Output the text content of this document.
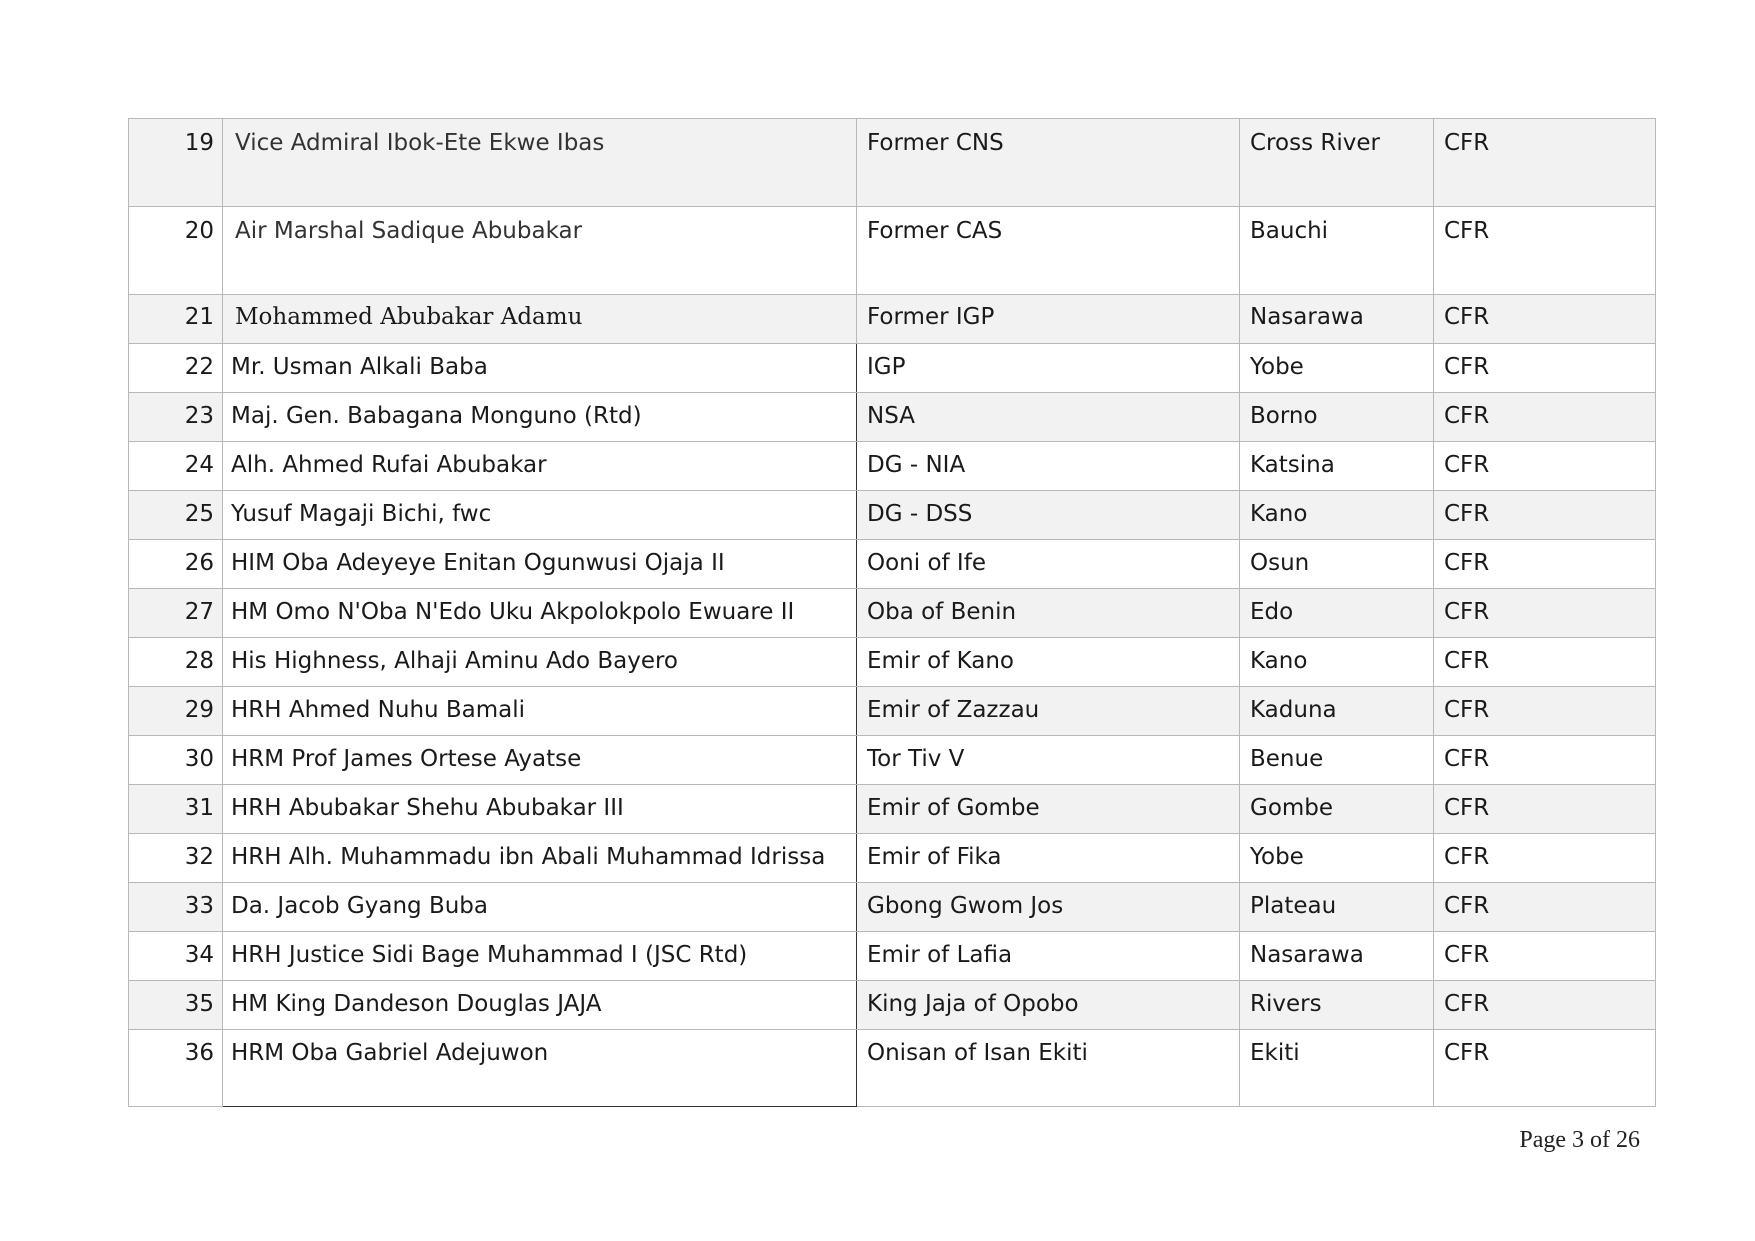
19	Vice Admiral Ibok-Ete Ekwe Ibas	Former CNS	Cross River	CFR
20	Air Marshal Sadique Abubakar	Former CAS	Bauchi	CFR
21	Mohammed Abubakar Adamu	Former IGP	Nasarawa	CFR
22	Mr. Usman Alkali Baba	IGP	Yobe	CFR
23	Maj. Gen. Babagana Monguno (Rtd)	NSA	Borno	CFR
24	Alh. Ahmed Rufai Abubakar	DG - NIA	Katsina	CFR
25	Yusuf Magaji Bichi, fwc	DG - DSS	Kano	CFR
26	HIM Oba Adeyeye Enitan Ogunwusi Ojaja II	Ooni of Ife	Osun	CFR
27	HM Omo N'Oba N'Edo Uku Akpolokpolo Ewuare II	Oba of Benin	Edo	CFR
28	His Highness, Alhaji Aminu Ado Bayero	Emir of Kano	Kano	CFR
29	HRH Ahmed Nuhu Bamali	Emir of Zazzau	Kaduna	CFR
30	HRM Prof James Ortese Ayatse	Tor Tiv V	Benue	CFR
31	HRH Abubakar Shehu Abubakar III	Emir of Gombe	Gombe	CFR
32	HRH Alh. Muhammadu ibn Abali Muhammad Idrissa	Emir of Fika	Yobe	CFR
33	Da. Jacob Gyang Buba	Gbong Gwom Jos	Plateau	CFR
34	HRH Justice Sidi Bage Muhammad I (JSC Rtd)	Emir of Lafia	Nasarawa	CFR
35	HM King Dandeson Douglas JAJA	King Jaja of Opobo	Rivers	CFR
36	HRM Oba Gabriel Adejuwon	Onisan of Isan Ekiti	Ekiti	CFR
Page 3 of 26
